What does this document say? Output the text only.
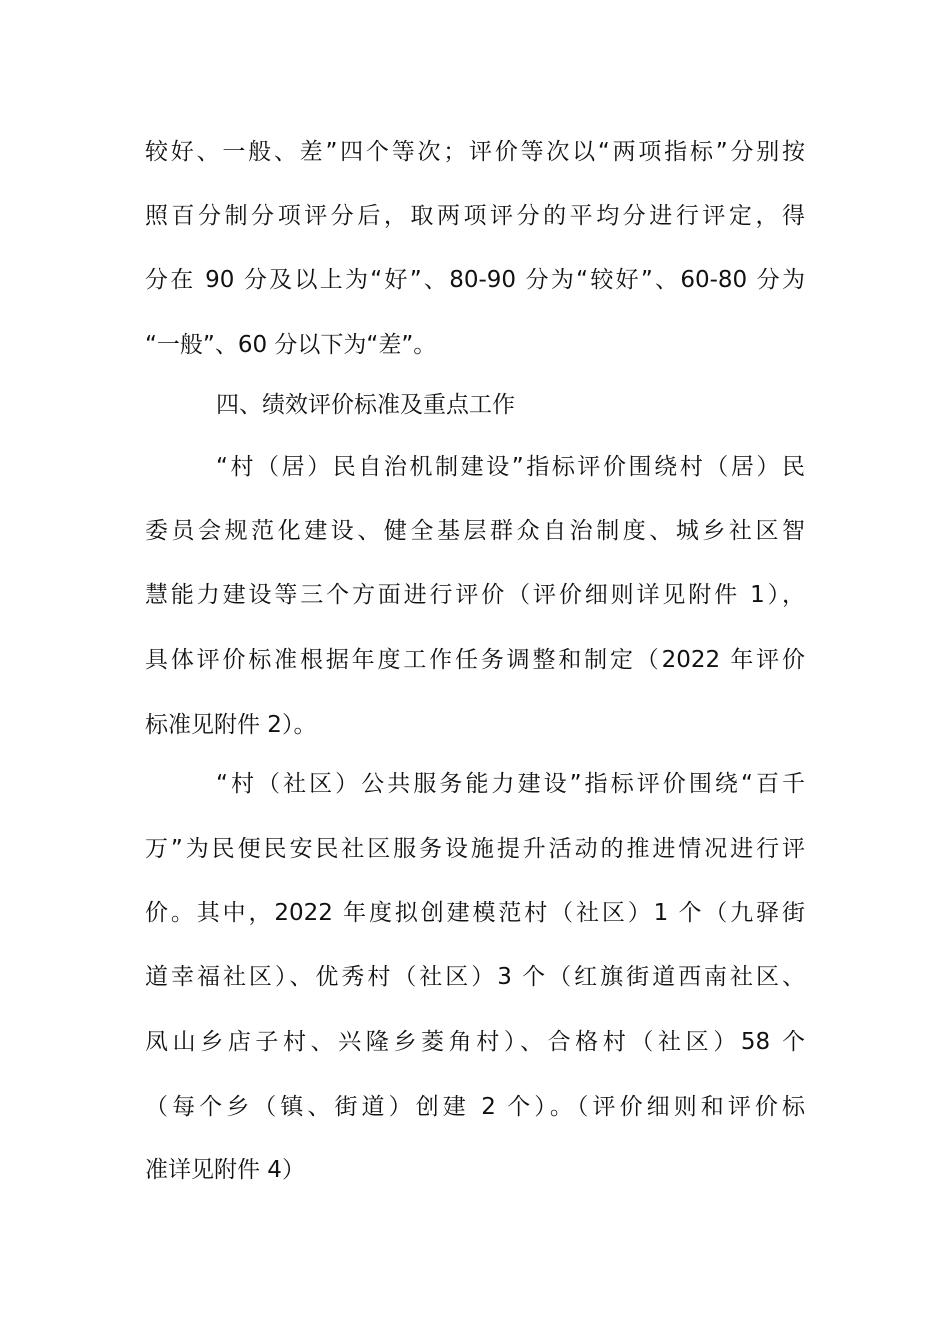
较好、一般、差”四个等次；评价等次以“两项指标”分别按
照百分制分项评分后，取两项评分的平均分进行评定，得
分在 90 分及以上为“好”、80-90 分为“较好”、60-80 分为
“一般”、60 分以下为“差”。
四、绩效评价标准及重点工作
“村（居）民自治机制建设”指标评价围绕村（居）民
委员会规范化建设、健全基层群众自治制度、城乡社区智
慧能力建设等三个方面进行评价（评价细则详见附件 1），
具体评价标准根据年度工作任务调整和制定（2022 年评价
标准见附件 2）。
“村（社区）公共服务能力建设”指标评价围绕“百千
万”为民便民安民社区服务设施提升活动的推进情况进行评
价。其中，2022 年度拟创建模范村（社区）1 个（九驿街
道幸福社区）、优秀村（社区）3 个（红旗街道西南社区、
凤山乡店子村、兴隆乡菱角村）、合格村（社区）58 个
（每个乡（镇、街道）创建 2 个）。（评价细则和评价标
准详见附件 4）
